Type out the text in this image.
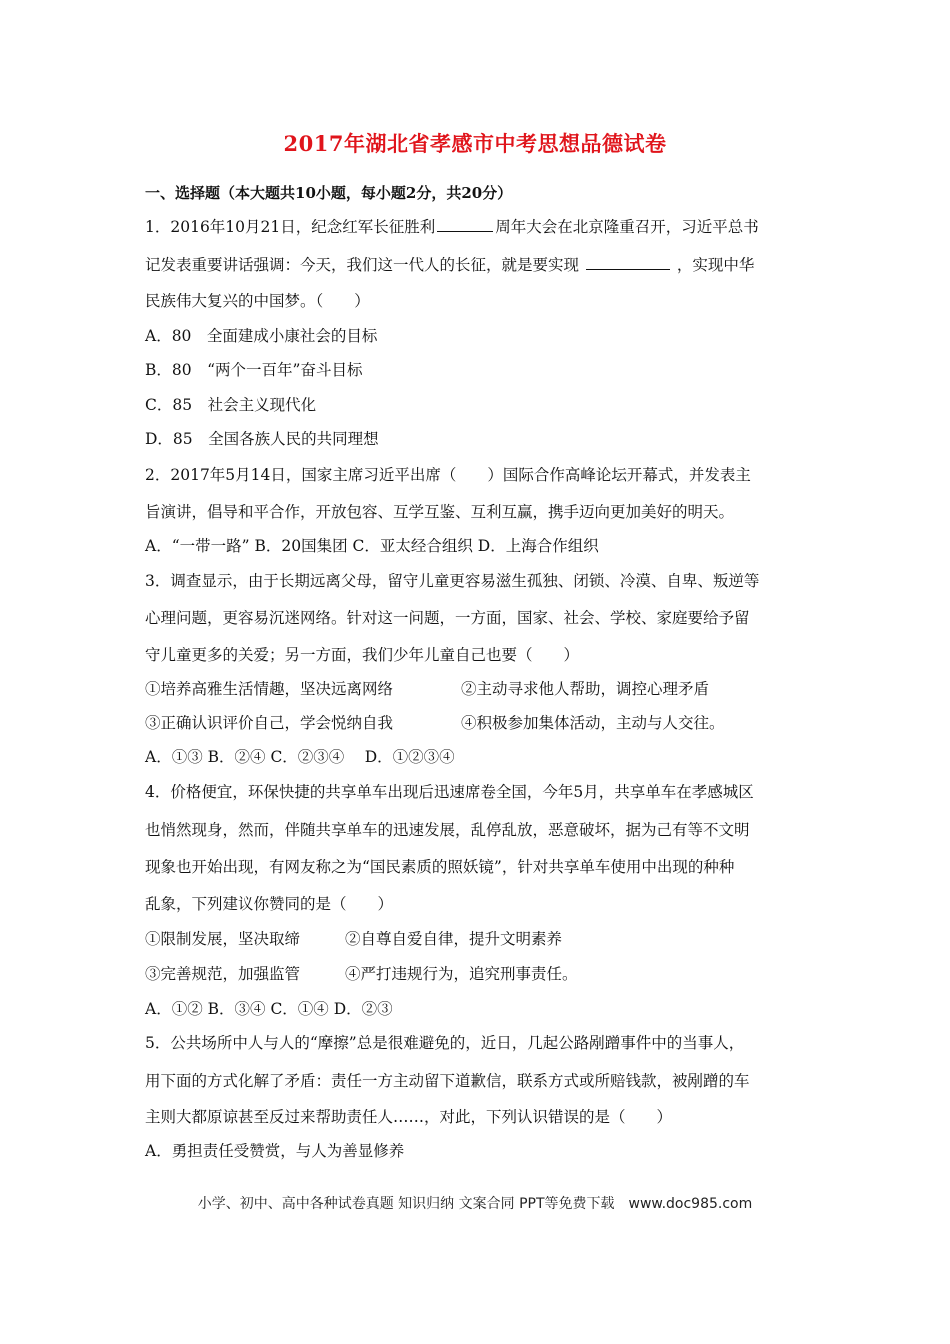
2017年湖北省孝感市中考思想品德试卷
一、选择题（本大题共10小题，每小题2分，共20分）
1．2016年10月21日，纪念红军长征胜利	周年大会在北京隆重召开，习近平总书
记发表重要讲话强调：今天，我们这一代人的长征，就是要实现	，实现中华
民族伟大复兴的中国梦。（　　）
A．80　全面建成小康社会的目标
B．80　“两个一百年”奋斗目标
C．85　社会主义现代化
D．85　全国各族人民的共同理想
2．2017年5月14日，国家主席习近平出席（　　）国际合作高峰论坛开幕式，并发表主
旨演讲，倡导和平合作，开放包容、互学互鉴、互利互赢，携手迈向更加美好的明天。
A．“一带一路” B．20国集团 C．亚太经合组织 D．上海合作组织
3．调查显示，由于长期远离父母，留守儿童更容易滋生孤独、闭锁、冷漠、自卑、叛逆等
心理问题，更容易沉迷网络。针对这一问题，一方面，国家、社会、学校、家庭要给予留
守儿童更多的关爱；另一方面，我们少年儿童自己也要（　　）
①培养高雅生活情趣，坚决远离网络	②主动寻求他人帮助，调控心理矛盾
③正确认识评价自己，学会悦纳自我	④积极参加集体活动，主动与人交往。
A．①③ B．②④ C．②③④　 D．①②③④
4．价格便宜，环保快捷的共享单车出现后迅速席卷全国，今年5月，共享单车在孝感城区
也悄然现身，然而，伴随共享单车的迅速发展，乱停乱放，恶意破坏，据为己有等不文明
现象也开始出现，有网友称之为“国民素质的照妖镜”，针对共享单车使用中出现的种种
乱象，下列建议你赞同的是（　　）
①限制发展，坚决取缔	②自尊自爱自律，提升文明素养
③完善规范，加强监管	④严打违规行为，追究刑事责任。
A．①② B．③④ C．①④ D．②③
5．公共场所中人与人的“摩擦”总是很难避免的，近日，几起公路剐蹭事件中的当事人，
用下面的方式化解了矛盾：责任一方主动留下道歉信，联系方式或所赔钱款，被剐蹭的车
主则大都原谅甚至反过来帮助责任人……，对此，下列认识错误的是（　　）
A．勇担责任受赞赏，与人为善显修养
小学、初中、高中各种试卷真题 知识归纳 文案合同 PPT等免费下载　www.doc985.com
